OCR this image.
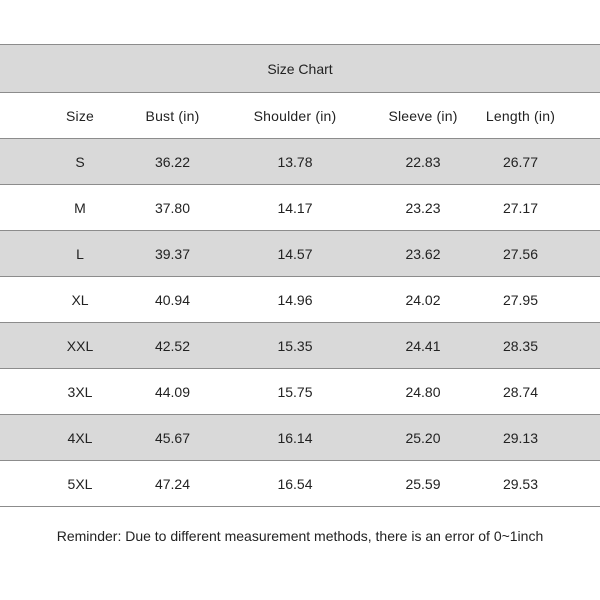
Size Chart
Size	Bust (in)	Shoulder (in)	Sleeve (in)	Length (in)
S	36.22	13.78	22.83	26.77
M	37.80	14.17	23.23	27.17
L	39.37	14.57	23.62	27.56
XL	40.94	14.96	24.02	27.95
XXL	42.52	15.35	24.41	28.35
3XL	44.09	15.75	24.80	28.74
4XL	45.67	16.14	25.20	29.13
5XL	47.24	16.54	25.59	29.53
Reminder: Due to different measurement methods, there is an error of 0~1inch
